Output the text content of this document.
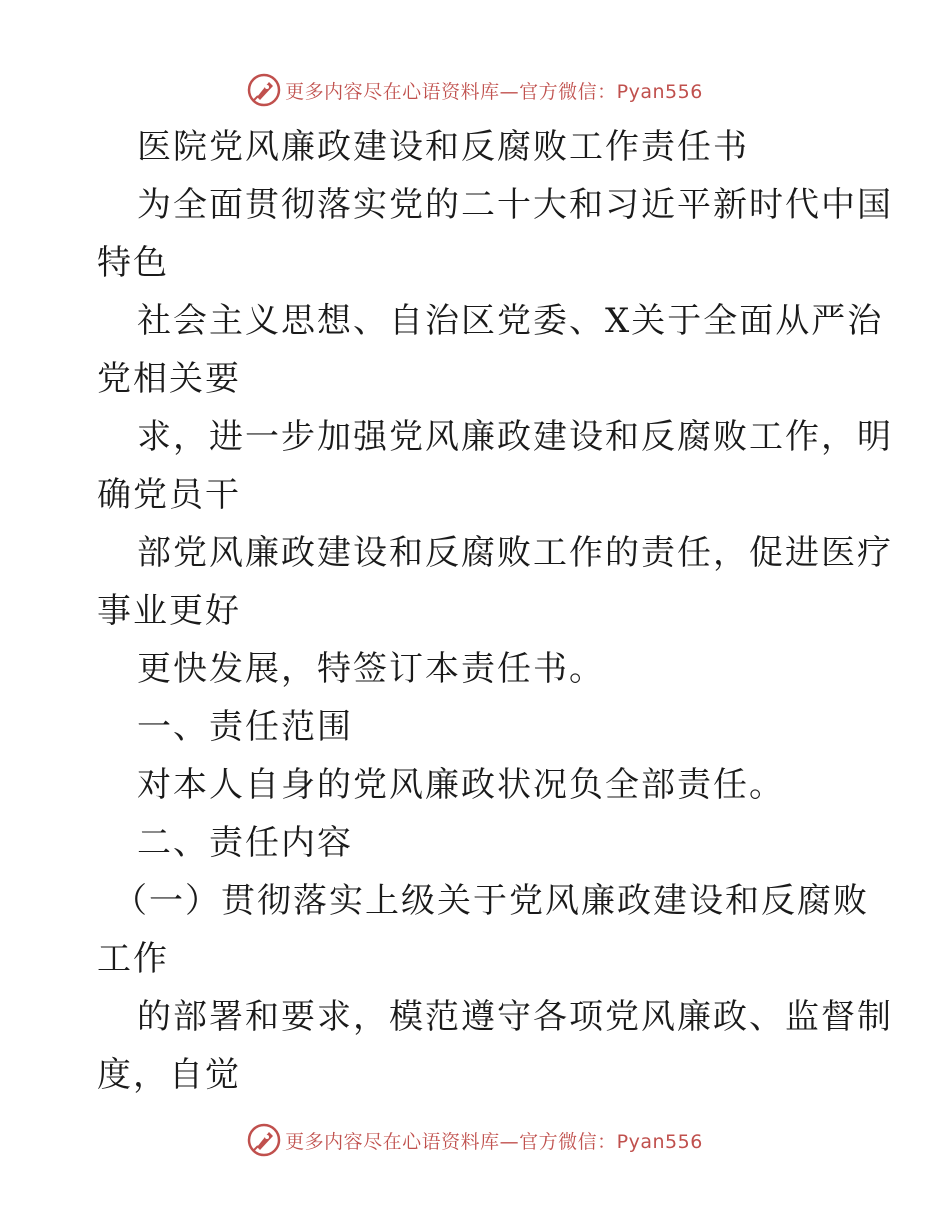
更多内容尽在心语资料库—官方微信：Pyan556
医院党风廉政建设和反腐败工作责任书
为全面贯彻落实党的二十大和习近平新时代中国
特色
社会主义思想、自治区党委、X关于全面从严治
党相关要
求，进一步加强党风廉政建设和反腐败工作，明
确党员干
部党风廉政建设和反腐败工作的责任，促进医疗
事业更好
更快发展，特签订本责任书。
一、责任范围
对本人自身的党风廉政状况负全部责任。
二、责任内容
（一）贯彻落实上级关于党风廉政建设和反腐败
工作
的部署和要求，模范遵守各项党风廉政、监督制
度，自觉
更多内容尽在心语资料库—官方微信：Pyan556
